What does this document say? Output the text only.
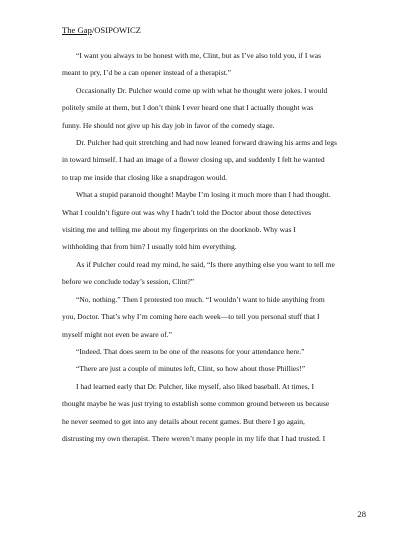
The Gap/OSIPOWICZ

“I want you always to be honest with me, Clint, but as I’ve also told you, if I was

meant to pry, I’d be a can opener instead of a therapist.”

Occasionally Dr. Pulcher would come up with what he thought were jokes. I would

politely smile at them, but I don’t think I ever heard one that I actually thought was

funny. He should not give up his day job in favor of the comedy stage.

Dr. Pulcher had quit stretching and had now leaned forward drawing his arms and legs

in toward himself. I had an image of a flower closing up, and suddenly I felt he wanted

to trap me inside that closing like a snapdragon would.

What a stupid paranoid thought! Maybe I’m losing it much more than I had thought.

What I couldn’t figure out was why I hadn’t told the Doctor about those detectives

visiting me and telling me about my fingerprints on the doorknob. Why was I

withholding that from him? I usually told him everything.

As if Pulcher could read my mind, he said, “Is there anything else you want to tell me

before we conclude today’s session, Clint?”

“No, nothing.” Then I protested too much. “I wouldn’t want to hide anything from

you, Doctor. That’s why I’m coming here each week—to tell you personal stuff that I

myself might not even be aware of.”

“Indeed. That does seem to be one of the reasons for your attendance here.”

“There are just a couple of minutes left, Clint, so how about those Phillies!”

I had learned early that Dr. Pulcher, like myself, also liked baseball. At times, I

thought maybe he was just trying to establish some common ground between us because

he never seemed to get into any details about recent games. But there I go again,

distrusting my own therapist. There weren’t many people in my life that I had trusted. I

28
